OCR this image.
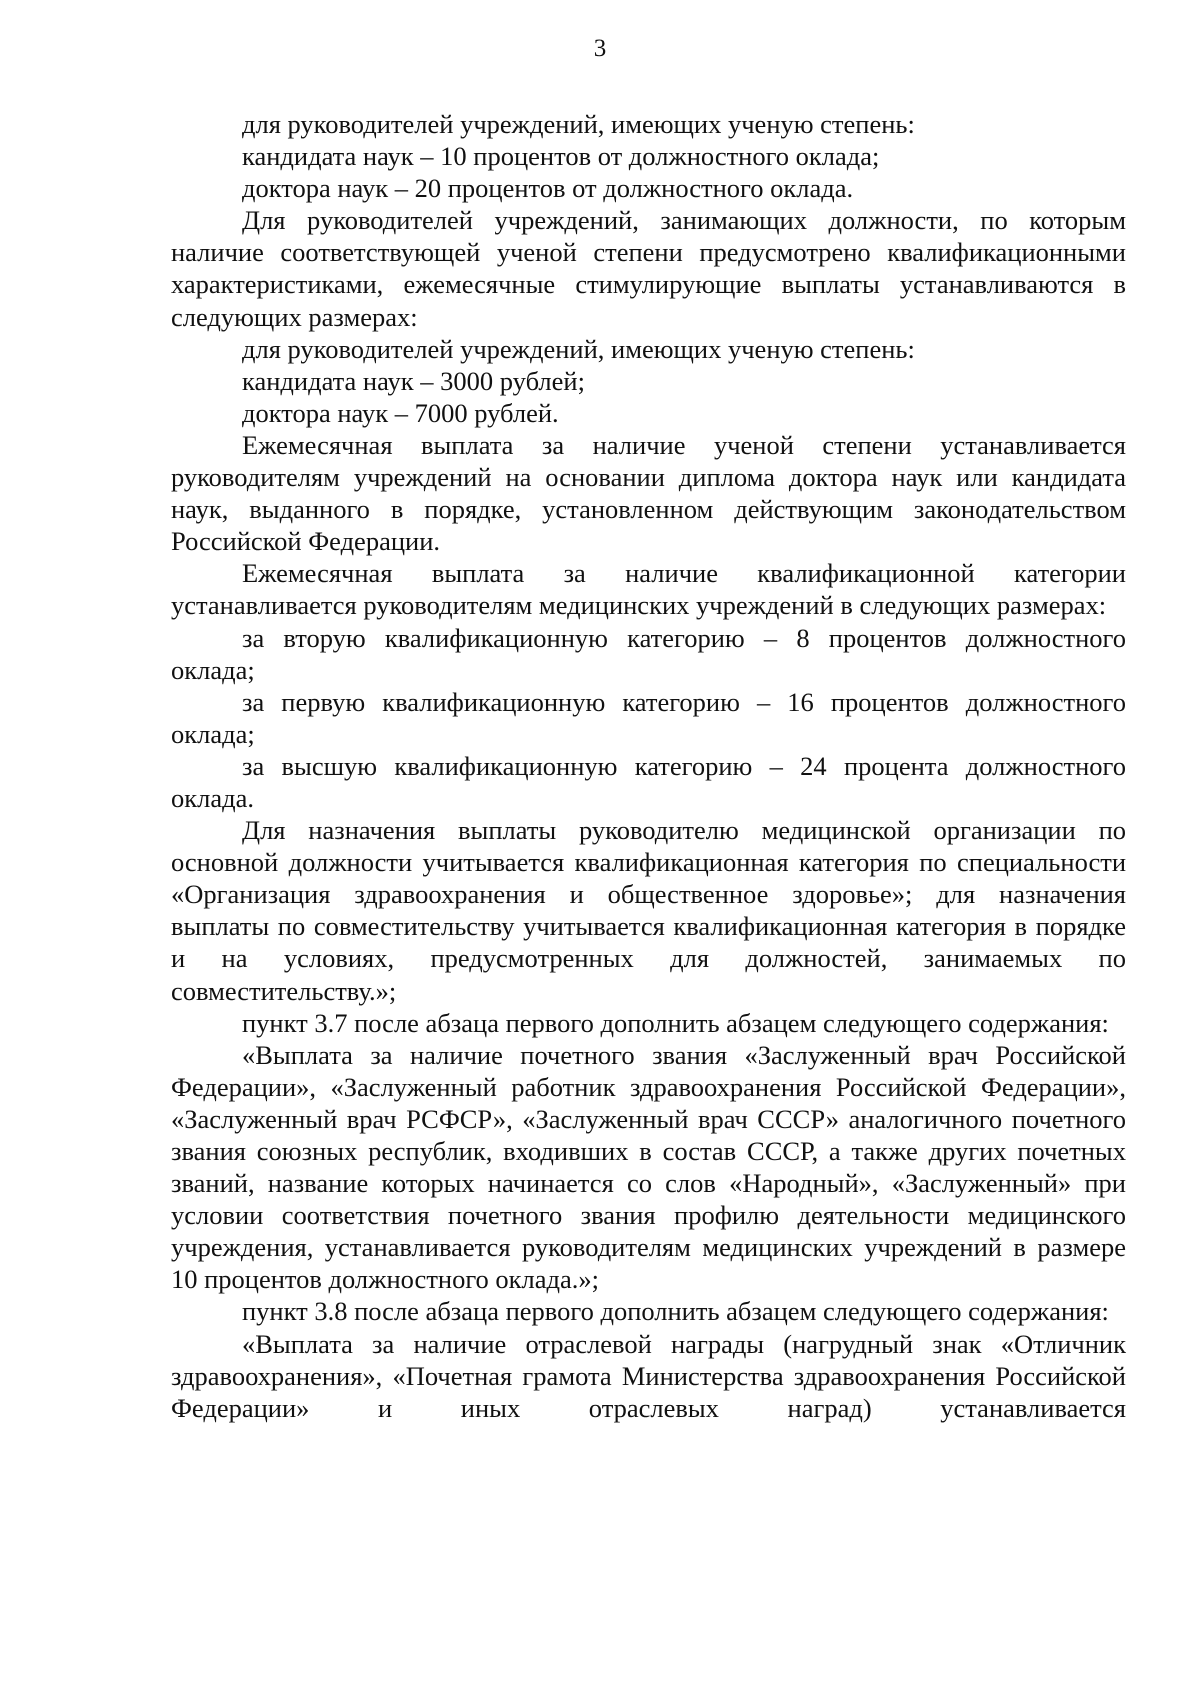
3

для руководителей учреждений, имеющих ученую степень:

кандидата наук – 10 процентов от должностного оклада;

доктора наук – 20 процентов от должностного оклада.

Для руководителей учреждений, занимающих должности, по которым наличие соответствующей ученой степени предусмотрено квалификационными характеристиками, ежемесячные стимулирующие выплаты устанавливаются в следующих размерах:

для руководителей учреждений, имеющих ученую степень:

кандидата наук – 3000 рублей;

доктора наук – 7000 рублей.

Ежемесячная выплата за наличие ученой степени устанавливается руководителям учреждений на основании диплома доктора наук или кандидата наук, выданного в порядке, установленном действующим законодательством Российской Федерации.

Ежемесячная выплата за наличие квалификационной категории устанавливается руководителям медицинских учреждений в следующих размерах:

за вторую квалификационную категорию – 8 процентов должностного оклада;

за первую квалификационную категорию – 16 процентов должностного оклада;

за высшую квалификационную категорию – 24 процента должностного оклада.

Для назначения выплаты руководителю медицинской организации по основной должности учитывается квалификационная категория по специальности «Организация здравоохранения и общественное здоровье»; для назначения выплаты по совместительству учитывается квалификационная категория в порядке и на условиях, предусмотренных для должностей, занимаемых по совместительству.»;

пункт 3.7 после абзаца первого дополнить абзацем следующего содержания:

«Выплата за наличие почетного звания «Заслуженный врач Российской Федерации», «Заслуженный работник здравоохранения Российской Федерации», «Заслуженный врач РСФСР», «Заслуженный врач СССР» аналогичного почетного звания союзных республик, входивших в состав СССР, а также других почетных званий, название которых начинается со слов «Народный», «Заслуженный» при условии соответствия почетного звания профилю деятельности медицинского учреждения, устанавливается руководителям медицинских учреждений в размере 10 процентов должностного оклада.»;

пункт 3.8 после абзаца первого дополнить абзацем следующего содержания:

«Выплата за наличие отраслевой награды (нагрудный знак «Отличник здравоохранения», «Почетная грамота Министерства здравоохранения Российской Федерации» и иных отраслевых наград) устанавливается
